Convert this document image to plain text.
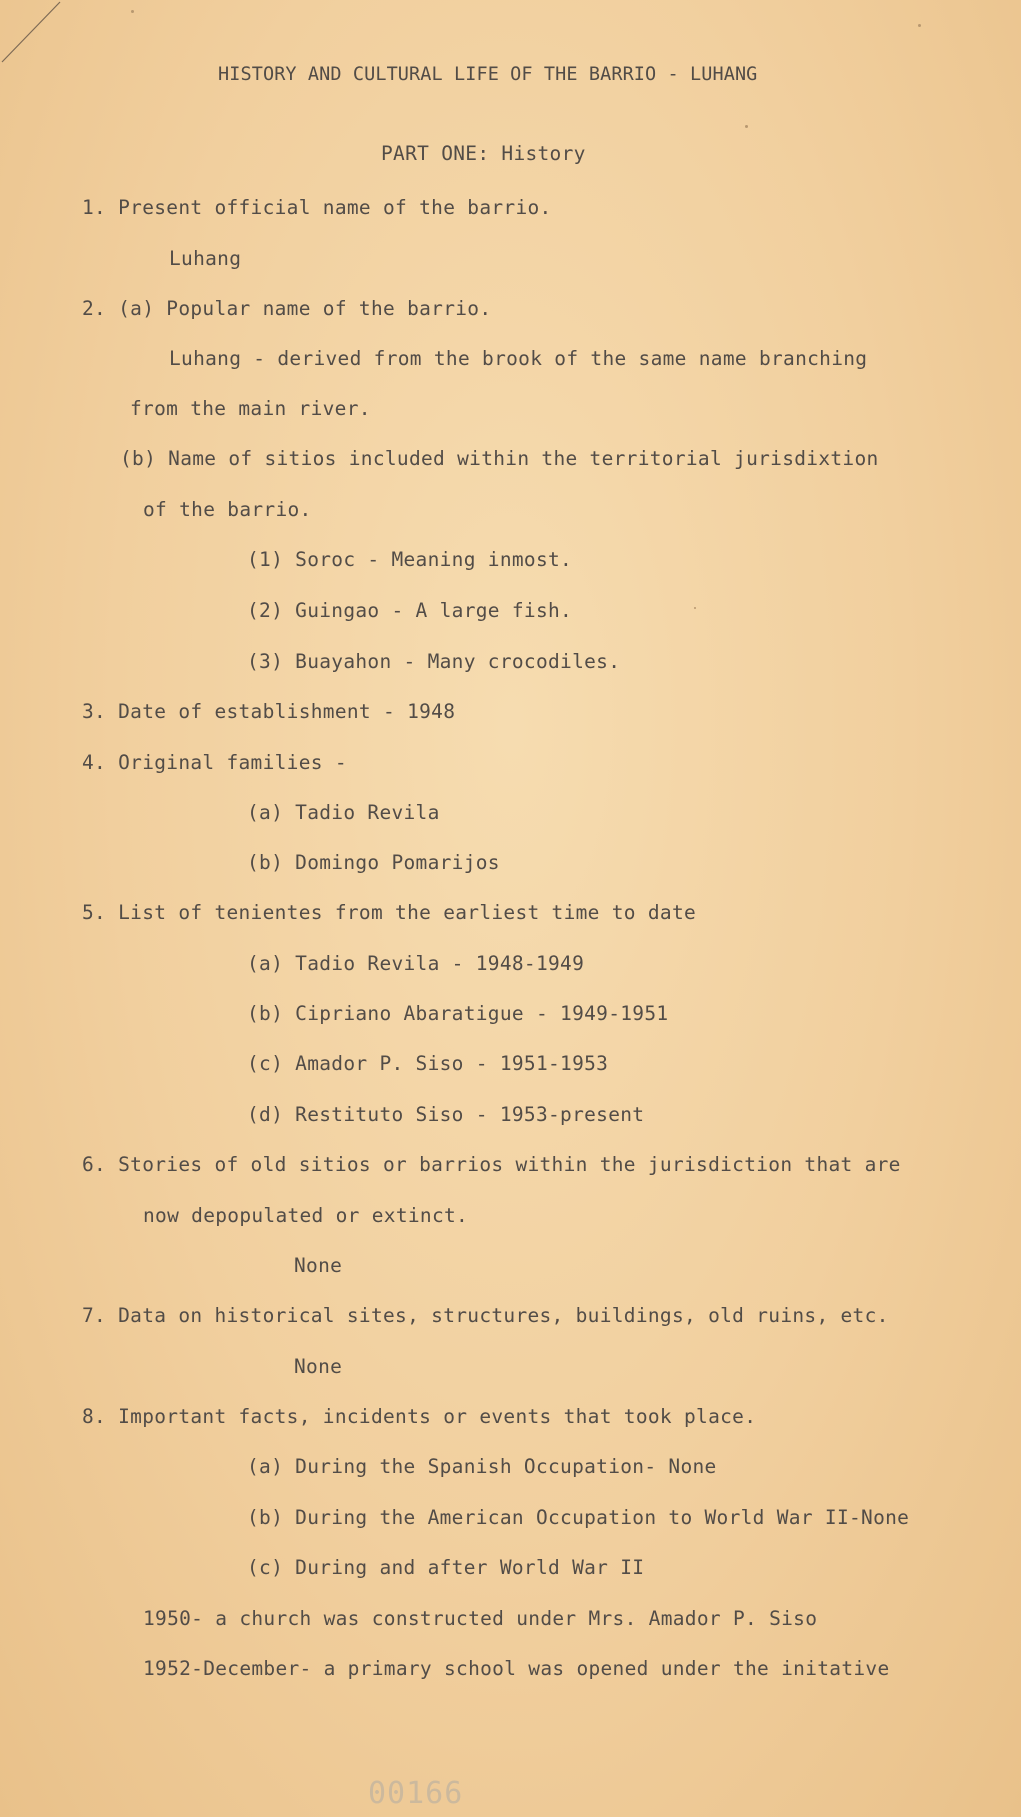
HISTORY AND CULTURAL LIFE OF THE BARRIO - LUHANG
PART ONE: History
1. Present official name of the barrio.
Luhang
2. (a) Popular name of the barrio.
Luhang - derived from the brook of the same name branching
from the main river.
(b) Name of sitios included within the territorial jurisdixtion
of the barrio.
(1) Soroc - Meaning inmost.
(2) Guingao - A large fish.
(3) Buayahon - Many crocodiles.
3. Date of establishment - 1948
4. Original families -
(a) Tadio Revila
(b) Domingo Pomarijos
5. List of tenientes from the earliest time to date
(a) Tadio Revila - 1948-1949
(b) Cipriano Abaratigue - 1949-1951
(c) Amador P. Siso - 1951-1953
(d) Restituto Siso - 1953-present
6. Stories of old sitios or barrios within the jurisdiction that are
now depopulated or extinct.
None
7. Data on historical sites, structures, buildings, old ruins, etc.
None
8. Important facts, incidents or events that took place.
(a) During the Spanish Occupation- None
(b) During the American Occupation to World War II-None
(c) During and after World War II
1950- a church was constructed under Mrs. Amador P. Siso
1952-December- a primary school was opened under the initative
00166
